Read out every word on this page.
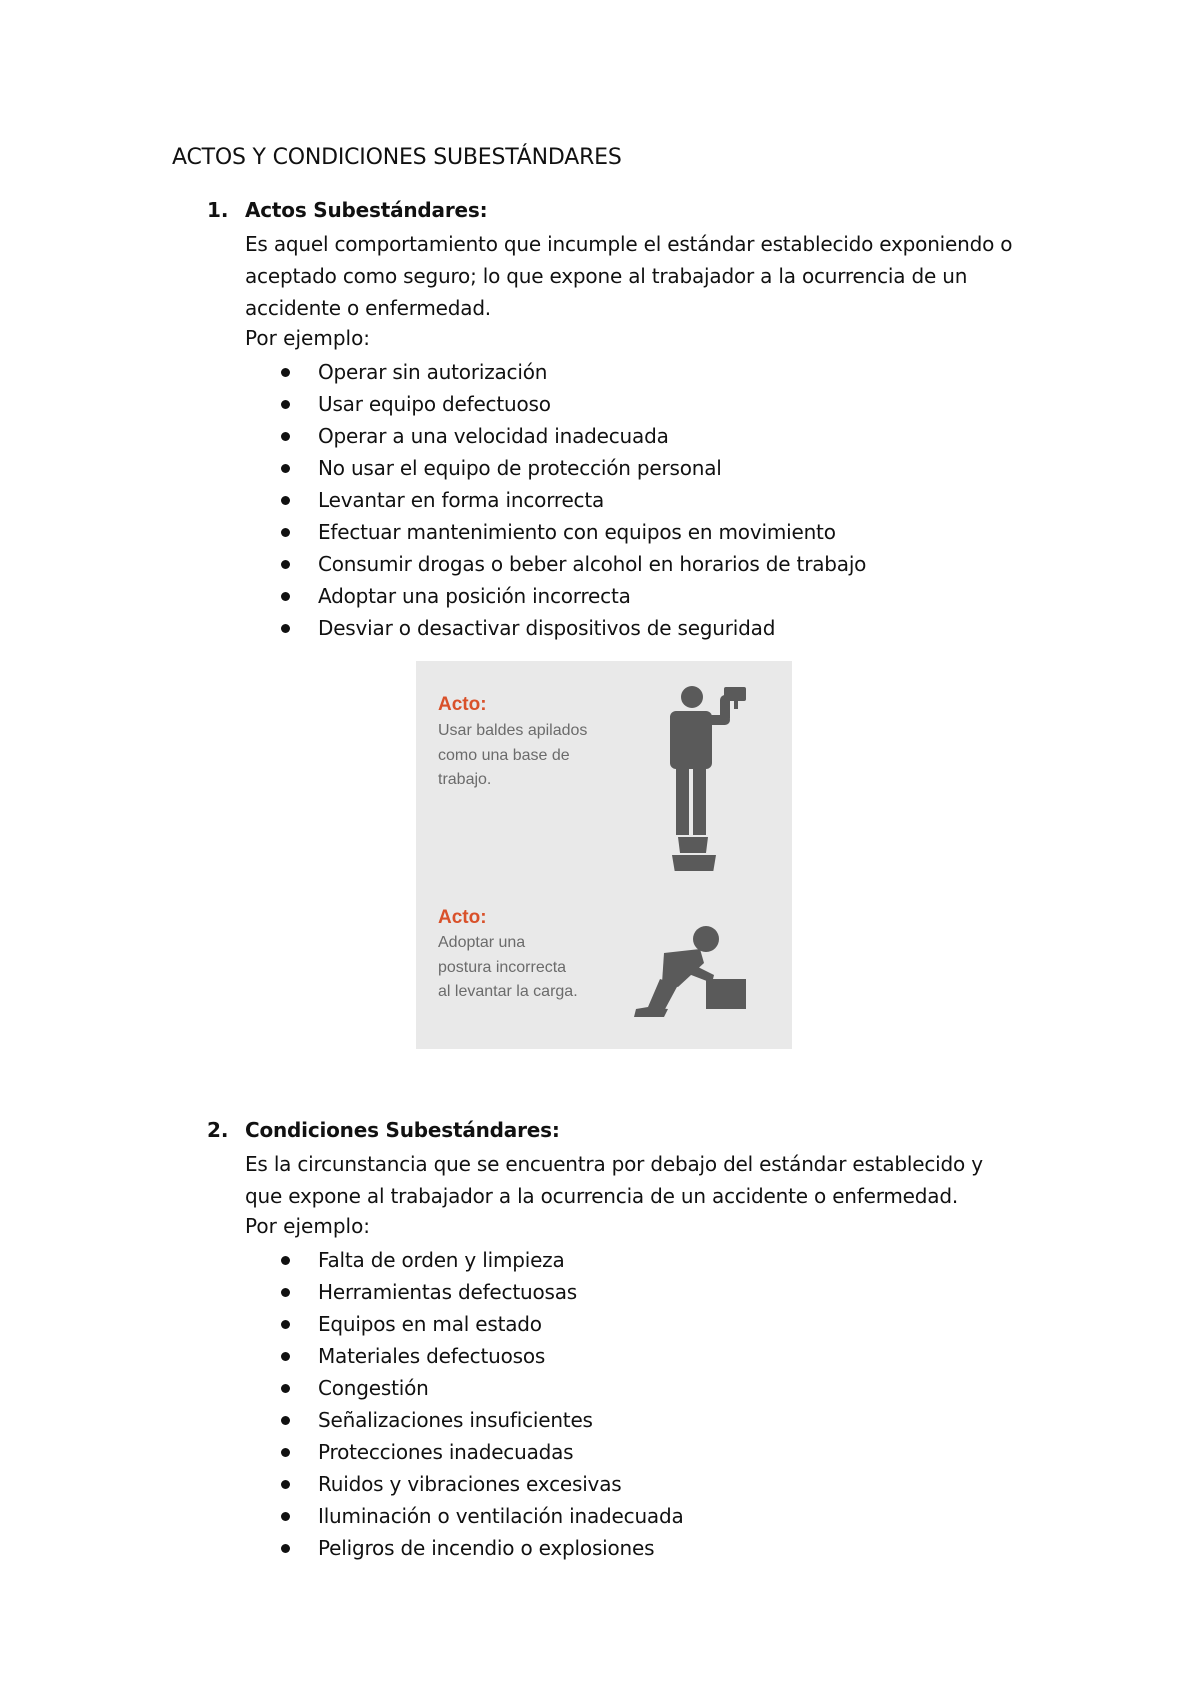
ACTOS Y CONDICIONES SUBESTÁNDARES
1. Actos Subestándares:
Es aquel comportamiento que incumple el estándar establecido exponiendo o aceptado como seguro; lo que expone al trabajador a la ocurrencia de un accidente o enfermedad.
Por ejemplo:
Operar sin autorización
Usar equipo defectuoso
Operar a una velocidad inadecuada
No usar el equipo de protección personal
Levantar en forma incorrecta
Efectuar mantenimiento con equipos en movimiento
Consumir drogas o beber alcohol en horarios de trabajo
Adoptar una posición incorrecta
Desviar o desactivar dispositivos de seguridad
Acto:
Usar baldes apilados como una base de trabajo.
Acto:
Adoptar una postura incorrecta al levantar la carga.
2. Condiciones Subestándares:
Es la circunstancia que se encuentra por debajo del estándar establecido y que expone al trabajador a la ocurrencia de un accidente o enfermedad.
Por ejemplo:
Falta de orden y limpieza
Herramientas defectuosas
Equipos en mal estado
Materiales defectuosos
Congestión
Señalizaciones insuficientes
Protecciones inadecuadas
Ruidos y vibraciones excesivas
Iluminación o ventilación inadecuada
Peligros de incendio o explosiones
